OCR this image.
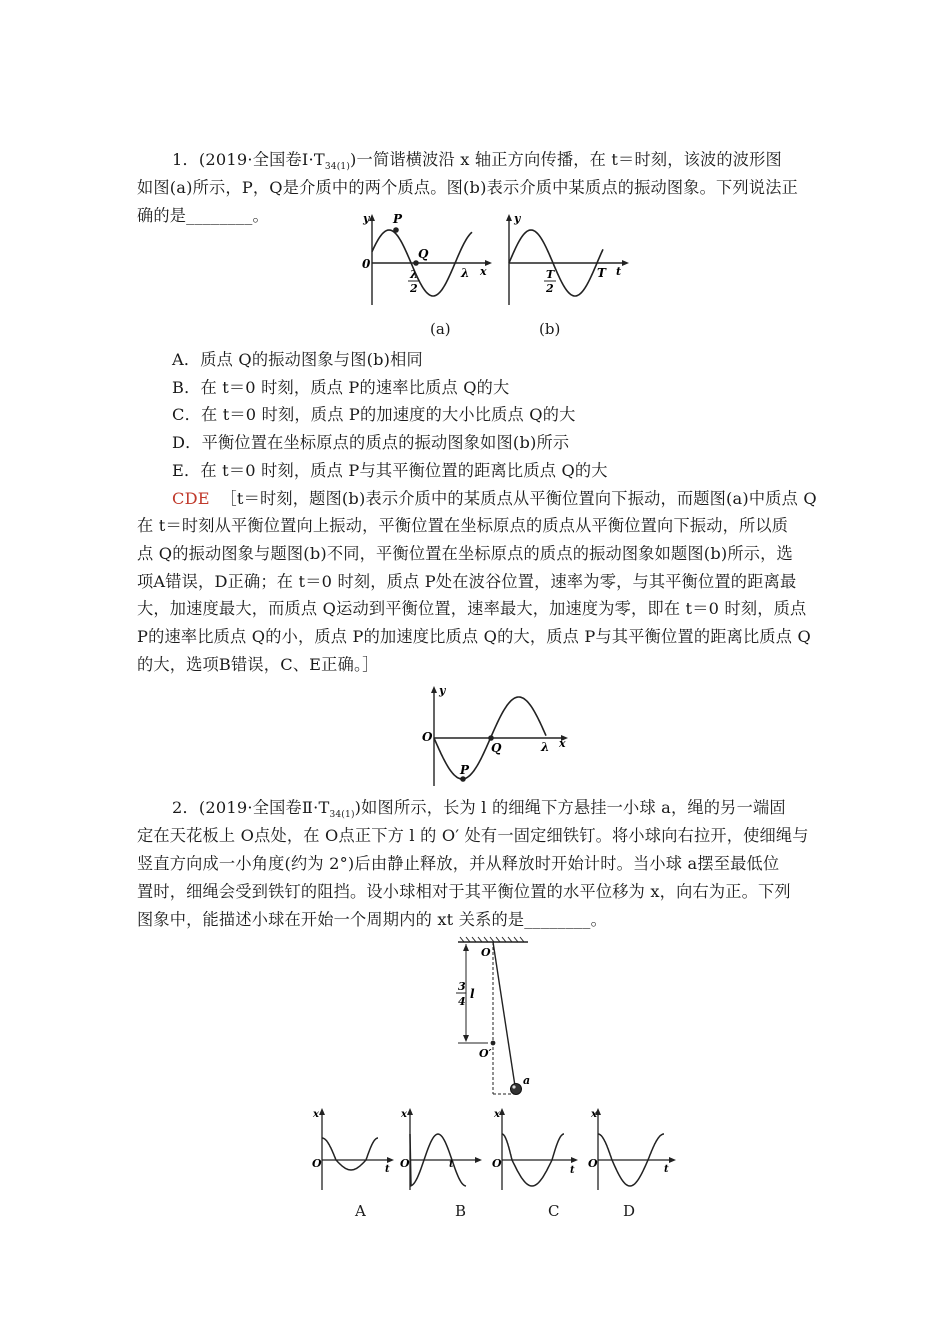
1．(2019·全国卷$Ⅰ\cdot T_{34(1)}$)一简谐横波沿 x 轴正方向传播，在 t＝时刻，该波的波形图
如图(a)所示，P，Q是介质中的两个质点。图(b)表示介质中某质点的振动图象。下列说法正
确的是________。	y P
Q
0
λ
2
λ x
y
T
2
T t
(a)	(b)
A．质点 Q的振动图象与图(b)相同
B．在 t＝0 时刻，质点 P的速率比质点 Q的大
C．在 t＝0 时刻，质点 P的加速度的大小比质点 Q的大
D．平衡位置在坐标原点的质点的振动图象如图(b)所示
E．在 t＝0 时刻，质点 P与其平衡位置的距离比质点 Q的大
CDE ［t＝时刻，题图(b)表示介质中的某质点从平衡位置向下振动，而题图(a)中质点 Q
在 t＝时刻从平衡位置向上振动，平衡位置在坐标原点的质点从平衡位置向下振动，所以质
点 Q的振动图象与题图(b)不同，平衡位置在坐标原点的质点的振动图象如题图(b)所示，选
项A错误，D正确；在 t＝0 时刻，质点 P处在波谷位置，速率为零，与其平衡位置的距离最
大，加速度最大，而质点 Q运动到平衡位置，速率最大，加速度为零，即在 t＝0 时刻，质点
P的速率比质点 Q的小，质点 P的加速度比质点 Q的大，质点 P与其平衡位置的距离比质点 Q
的大，选项B错误，C、E正确。］
y
O
P
Q	λ x
2．(2019·全国卷$Ⅱ\cdot T_{34(1)}$)如图所示，长为 l 的细绳下方悬挂一小球 a，绳的另一端固
定在天花板上 O点处，在 O点正下方 l 的 O′ 处有一固定细铁钉。将小球向右拉开，使细绳与
竖直方向成一小角度(约为 2°)后由静止释放，并从释放时开始计时。当小球 a摆至最低位
置时，细绳会受到铁钉的阻挡。设小球相对于其平衡位置的水平位移为 x，向右为正。下列
图象中，能描述小球在开始一个周期内的 xt 关系的是________。
3
4
l
O
O′
a
x
O	t
x
O	t
x
O
t
x
O	t
A	B	C	D
